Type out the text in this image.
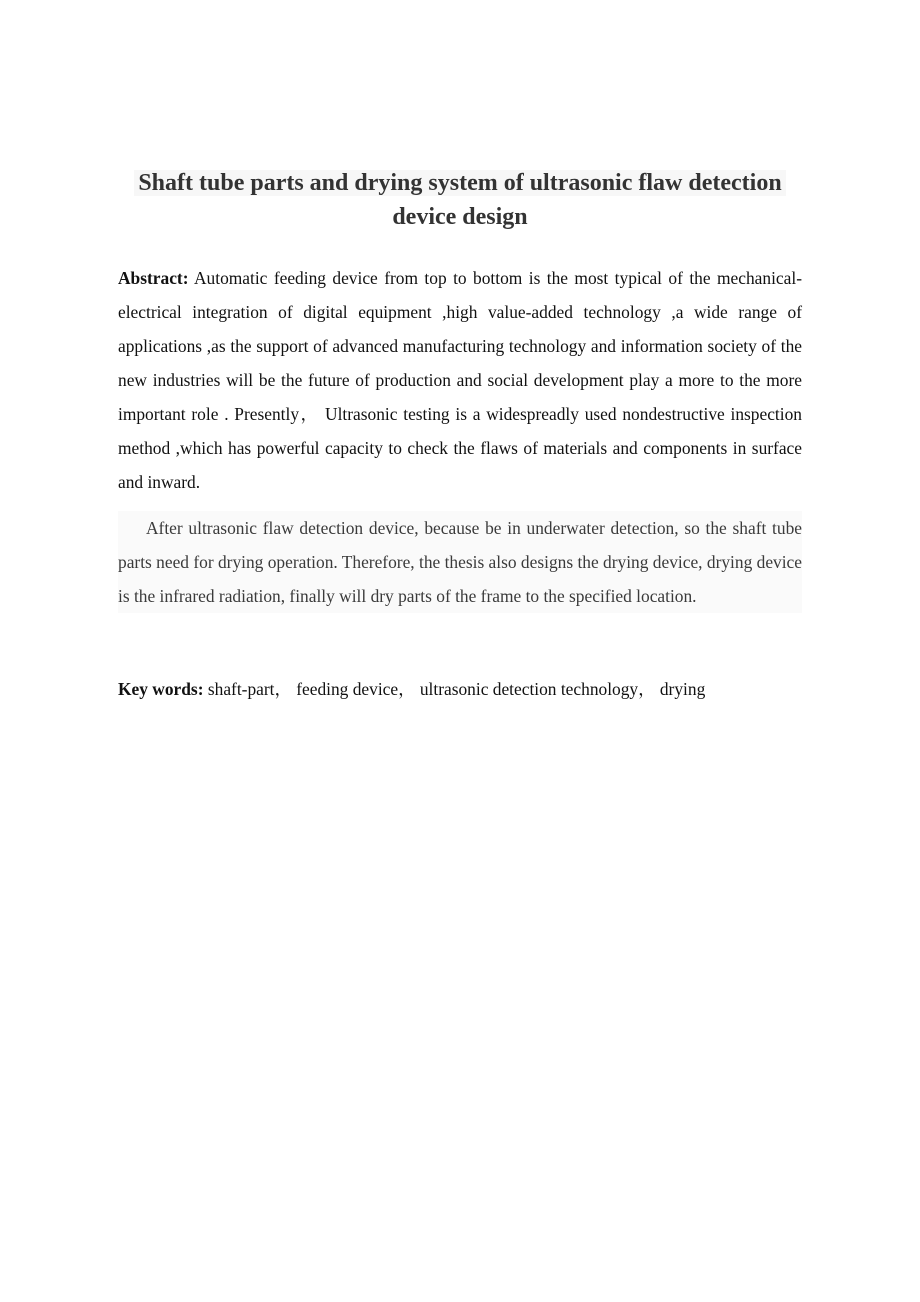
Shaft tube parts and drying system of ultrasonic flaw detection
device design
Abstract: Automatic feeding device from top to bottom is the most typical of the mechanical-electrical integration of digital equipment ,high value-added technology ,a wide range of applications ,as the support of advanced manufacturing technology and information society of the new industries will be the future of production and social development play a more to the more important role . Presently， Ultrasonic testing is a widespreadly used nondestructive inspection method ,which has powerful capacity to check the flaws of materials and components in surface and inward.
After ultrasonic flaw detection device, because be in underwater detection, so the shaft tube parts need for drying operation. Therefore, the thesis also designs the drying device, drying device is the infrared radiation, finally will dry parts of the frame to the specified location.
Key words: shaft-part， feeding device， ultrasonic detection technology， drying
